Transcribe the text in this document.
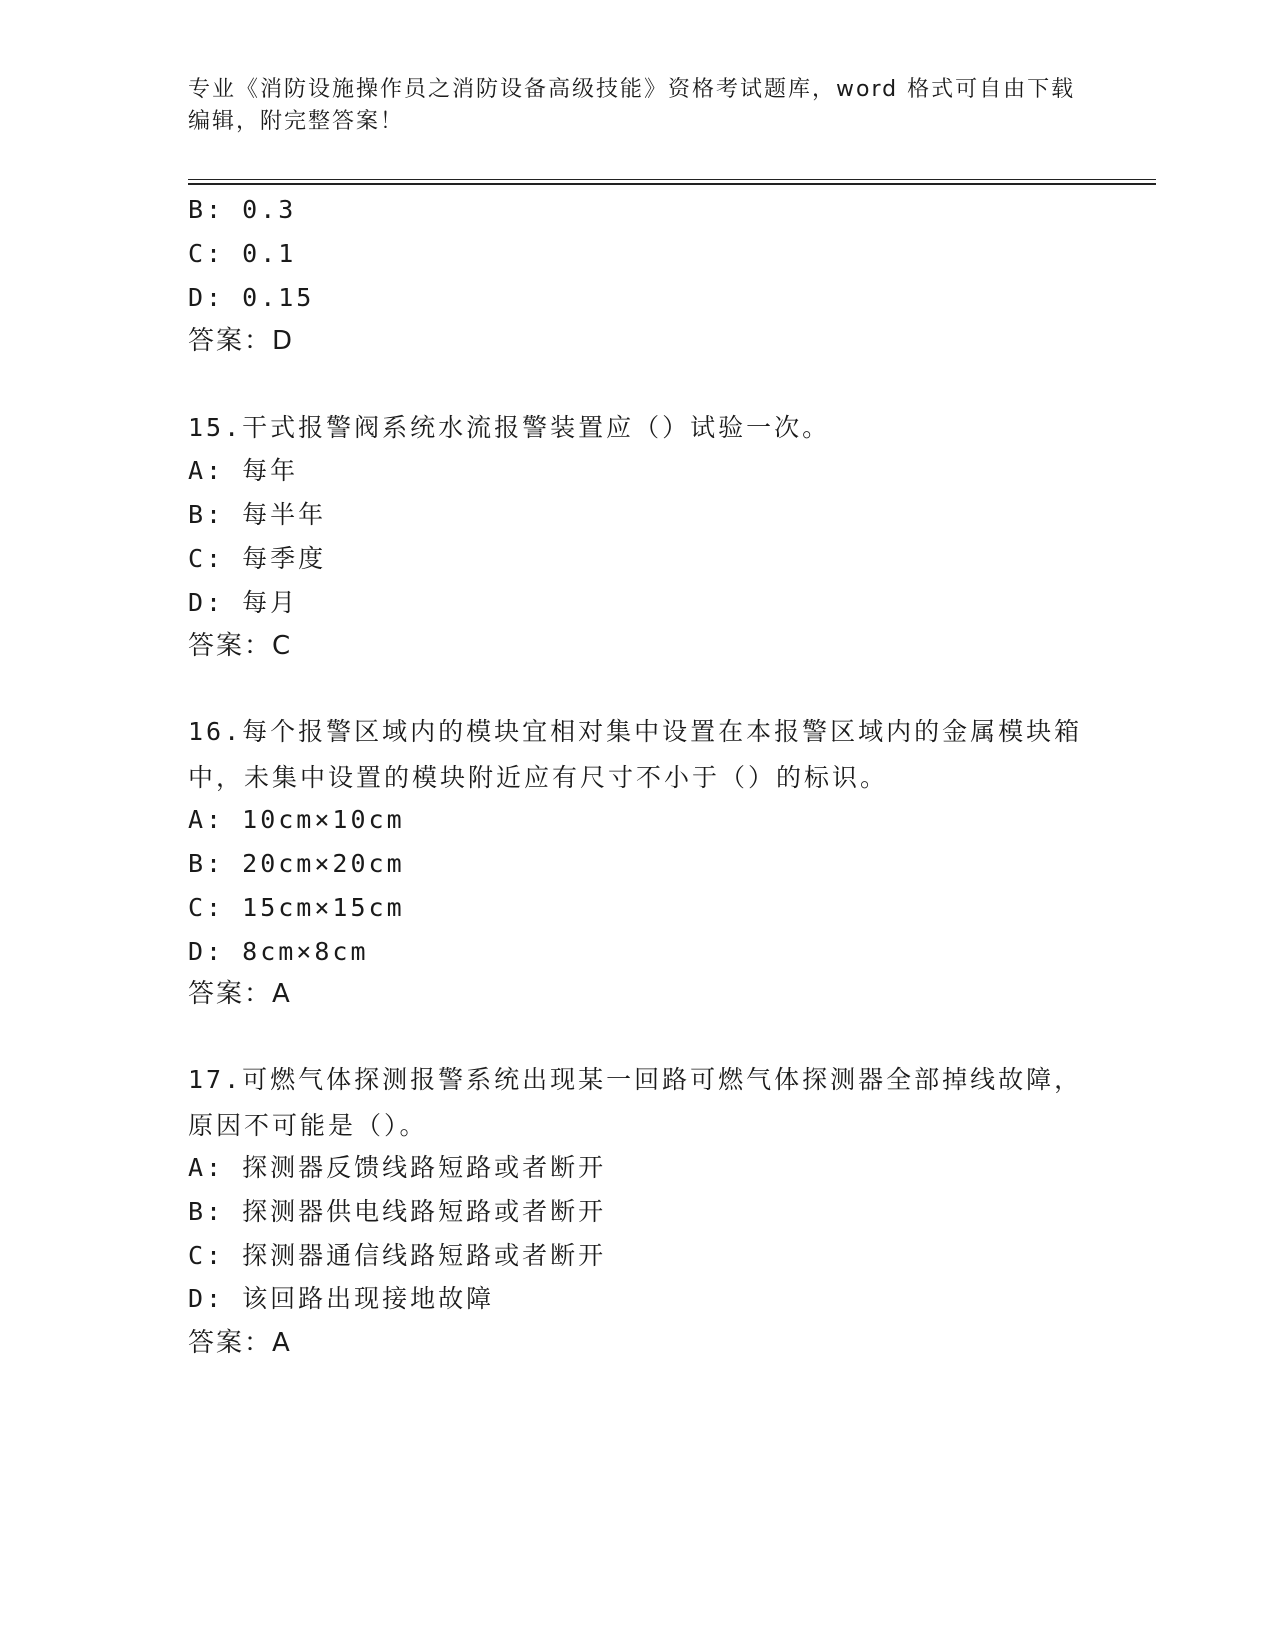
专业《消防设施操作员之消防设备高级技能》资格考试题库，word 格式可自由下载编辑，附完整答案！
B: 0.3
C: 0.1
D: 0.15
答案：D
15.干式报警阀系统水流报警装置应（）试验一次。
A: 每年
B: 每半年
C: 每季度
D: 每月
答案：C
16.每个报警区域内的模块宜相对集中设置在本报警区域内的金属模块箱中，未集中设置的模块附近应有尺寸不小于（）的标识。
A: 10cm×10cm
B: 20cm×20cm
C: 15cm×15cm
D: 8cm×8cm
答案：A
17.可燃气体探测报警系统出现某一回路可燃气体探测器全部掉线故障，原因不可能是（）。
A: 探测器反馈线路短路或者断开
B: 探测器供电线路短路或者断开
C: 探测器通信线路短路或者断开
D: 该回路出现接地故障
答案：A
